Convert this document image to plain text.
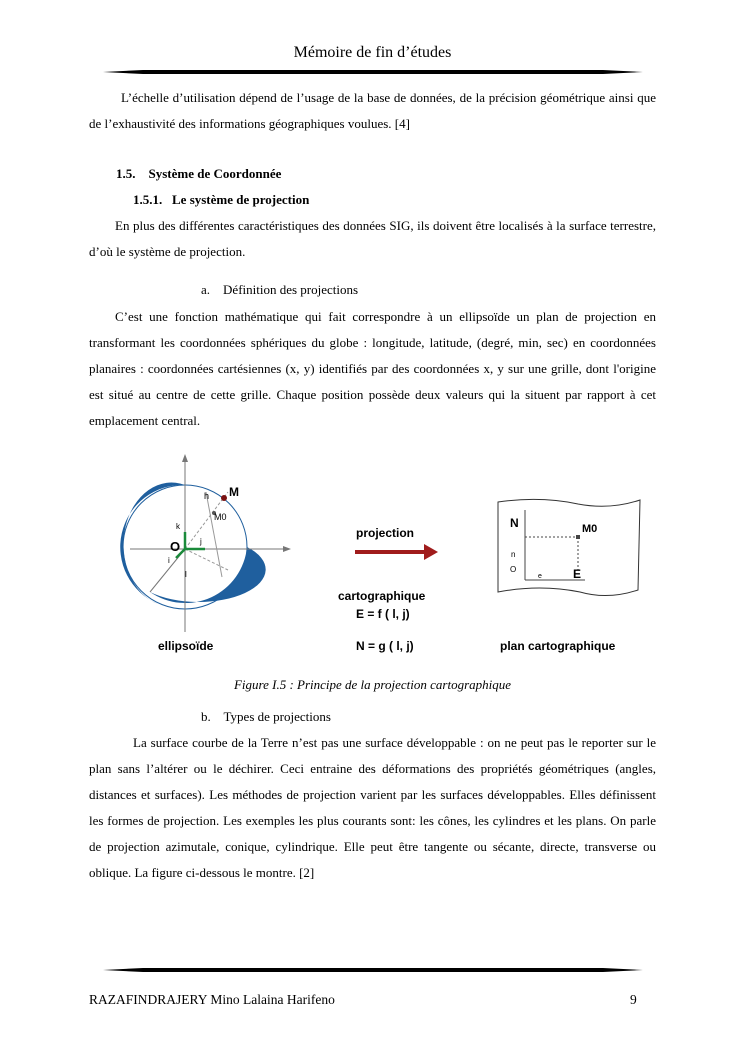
Mémoire de fin d’études
L’échelle d’utilisation dépend de l’usage de la base de données, de la précision géométrique ainsi que de l’exhaustivité des informations géographiques voulues. [4]
1.5. Système de Coordonnée
1.5.1. Le système de projection
En plus des différentes caractéristiques des données SIG, ils doivent être localisés à la surface terrestre, d’où le système de projection.
a. Définition des projections
C’est une fonction mathématique qui fait correspondre à un ellipsoïde un plan de projection en transformant les coordonnées sphériques du globe : longitude, latitude, (degré, min, sec) en coordonnées planaires : coordonnées cartésiennes (x, y) identifiés par des coordonnées x, y sur une grille, dont l'origine est situé au centre de cette grille. Chaque position possède deux valeurs qui la situent par rapport à cet emplacement central.
O
M
M0
h
k
i
j
l
ellipsoïde
projection
cartographique
E = f ( l, j)
N = g ( l, j)
N
E
M0
n
O
e
plan cartographique
Figure I.5 : Principe de la projection cartographique
b. Types de projections
La surface courbe de la Terre n’est pas une surface développable : on ne peut pas le reporter sur le plan sans l’altérer ou le déchirer. Ceci entraine des déformations des propriétés géométriques (angles, distances et surfaces). Les méthodes de projection varient par les surfaces développables. Elles définissent les formes de projection. Les exemples les plus courants sont: les cônes, les cylindres et les plans. On parle de projection azimutale, conique, cylindrique. Elle peut être tangente ou sécante, directe, transverse ou oblique. La figure ci-dessous le montre. [2]
RAZAFINDRAJERY Mino Lalaina Harifeno	9
